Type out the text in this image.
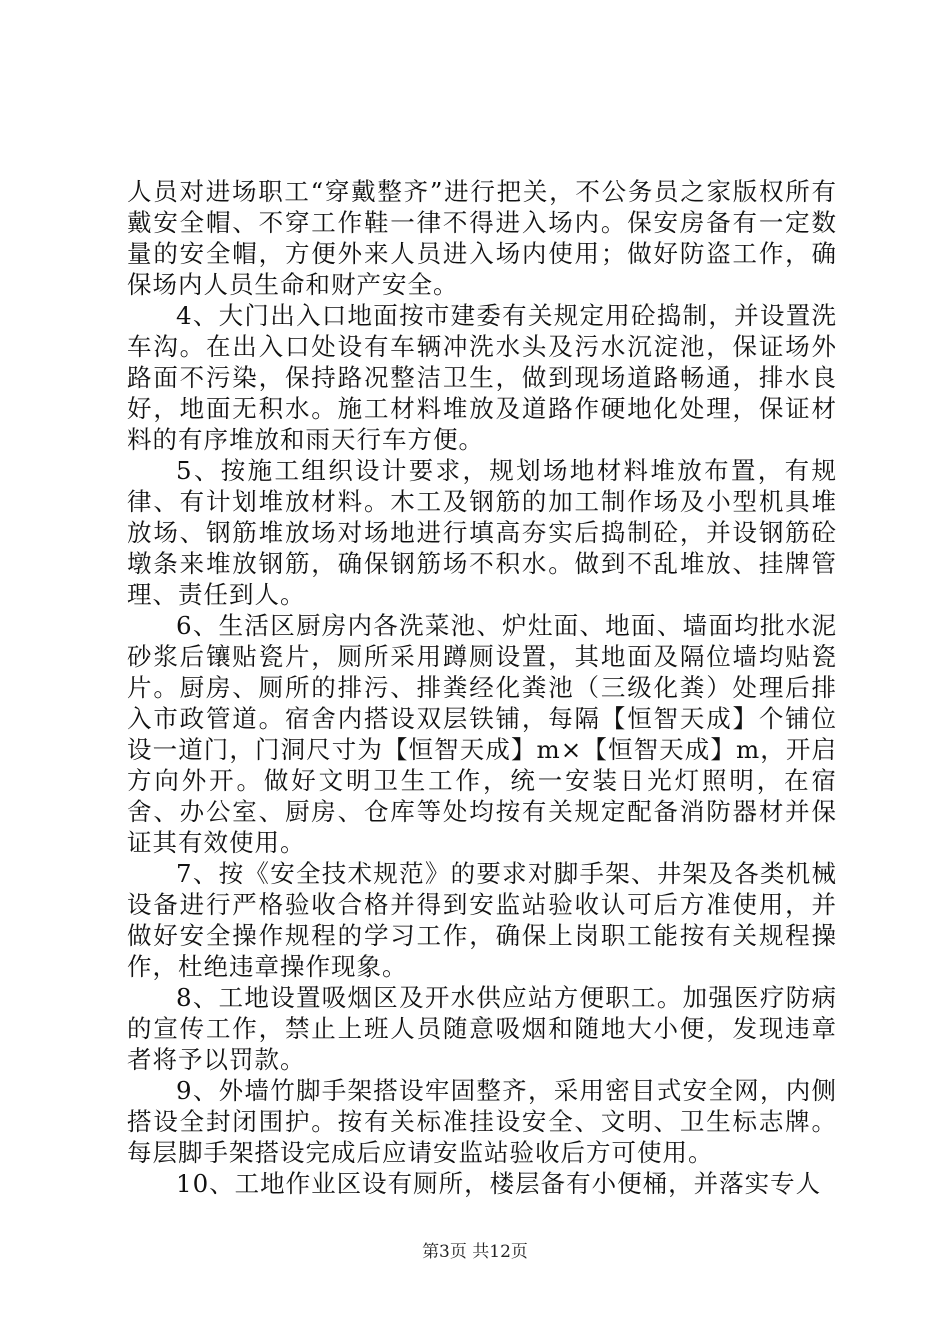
人员对进场职工“穿戴整齐”进行把关，不公务员之家版权所有戴安全帽、不穿工作鞋一律不得进入场内。保安房备有一定数量的安全帽，方便外来人员进入场内使用；做好防盗工作，确保场内人员生命和财产安全。

4、大门出入口地面按市建委有关规定用砼捣制，并设置洗车沟。在出入口处设有车辆冲洗水头及污水沉淀池，保证场外路面不污染，保持路况整洁卫生，做到现场道路畅通，排水良好，地面无积水。施工材料堆放及道路作硬地化处理，保证材料的有序堆放和雨天行车方便。

5、按施工组织设计要求，规划场地材料堆放布置，有规律、有计划堆放材料。木工及钢筋的加工制作场及小型机具堆放场、钢筋堆放场对场地进行填高夯实后捣制砼，并设钢筋砼墩条来堆放钢筋，确保钢筋场不积水。做到不乱堆放、挂牌管理、责任到人。

6、生活区厨房内各洗菜池、炉灶面、地面、墙面均批水泥砂浆后镶贴瓷片，厕所采用蹲厕设置，其地面及隔位墙均贴瓷片。厨房、厕所的排污、排粪经化粪池（三级化粪）处理后排入市政管道。宿舍内搭设双层铁铺，每隔【恒智天成】个铺位设一道门，门洞尺寸为【恒智天成】m×【恒智天成】m，开启方向外开。做好文明卫生工作，统一安装日光灯照明，在宿舍、办公室、厨房、仓库等处均按有关规定配备消防器材并保证其有效使用。

7、按《安全技术规范》的要求对脚手架、井架及各类机械设备进行严格验收合格并得到安监站验收认可后方准使用，并做好安全操作规程的学习工作，确保上岗职工能按有关规程操作，杜绝违章操作现象。

8、工地设置吸烟区及开水供应站方便职工。加强医疗防病的宣传工作，禁止上班人员随意吸烟和随地大小便，发现违章者将予以罚款。

9、外墙竹脚手架搭设牢固整齐，采用密目式安全网，内侧搭设全封闭围护。按有关标准挂设安全、文明、卫生标志牌。每层脚手架搭设完成后应请安监站验收后方可使用。

10、工地作业区设有厕所，楼层备有小便桶，并落实专人

第3页 共12页
